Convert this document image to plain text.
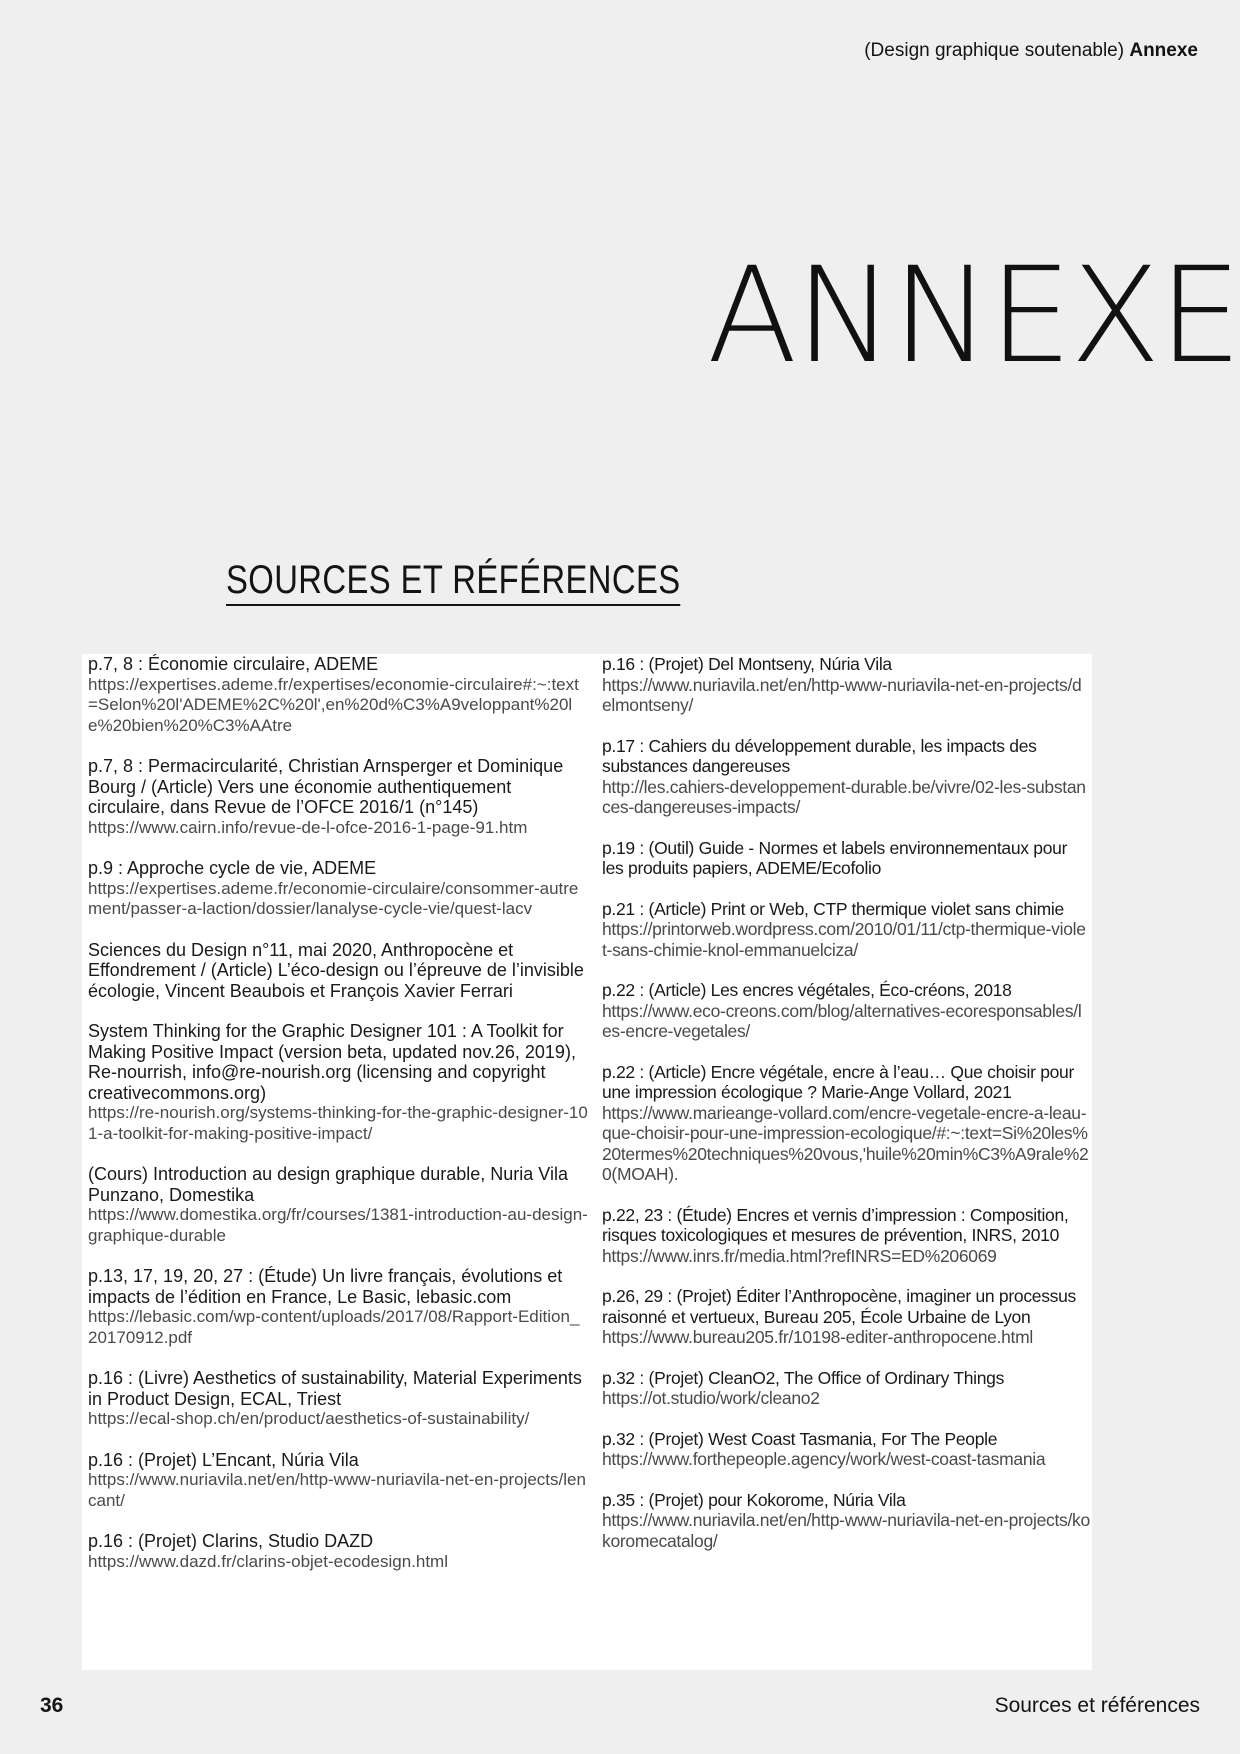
(Design graphique soutenable) Annexe
ANNEXE
SOURCES ET RÉFÉRENCES
p.7, 8 : Économie circulaire, ADEME
https://expertises.ademe.fr/expertises/economie-circulaire#:~:text=Selon%20l'ADEME%2C%20l',en%20d%C3%A9veloppant%20le%20bien%20%C3%AAtre
p.7, 8 : Permacircularité, Christian Arnsperger et Dominique Bourg / (Article) Vers une économie authentiquement circulaire, dans Revue de l’OFCE 2016/1 (n°145)
https://www.cairn.info/revue-de-l-ofce-2016-1-page-91.htm
p.9 : Approche cycle de vie, ADEME
https://expertises.ademe.fr/economie-circulaire/consommer-autrement/passer-a-laction/dossier/lanalyse-cycle-vie/quest-lacv
Sciences du Design n°11, mai 2020, Anthropocène et Effondrement / (Article) L’éco-design ou l’épreuve de l’invisible écologie, Vincent Beaubois et François Xavier Ferrari
System Thinking for the Graphic Designer 101 : A Toolkit for Making Positive Impact (version beta, updated nov.26, 2019), Re-nourrish, info@re-nourish.org (licensing and copyright creativecommons.org)
https://re-nourish.org/systems-thinking-for-the-graphic-designer-101-a-toolkit-for-making-positive-impact/
(Cours) Introduction au design graphique durable, Nuria Vila Punzano, Domestika
https://www.domestika.org/fr/courses/1381-introduction-au-design-graphique-durable
p.13, 17, 19, 20, 27 : (Étude) Un livre français, évolutions et impacts de l’édition en France, Le Basic, lebasic.com
https://lebasic.com/wp-content/uploads/2017/08/Rapport-Edition_20170912.pdf
p.16 : (Livre) Aesthetics of sustainability, Material Experiments in Product Design, ECAL, Triest
https://ecal-shop.ch/en/product/aesthetics-of-sustainability/
p.16 : (Projet) L’Encant, Núria Vila
https://www.nuriavila.net/en/http-www-nuriavila-net-en-projects/lencant/
p.16 : (Projet) Clarins, Studio DAZD
https://www.dazd.fr/clarins-objet-ecodesign.html
p.16 : (Projet) Del Montseny, Núria Vila
https://www.nuriavila.net/en/http-www-nuriavila-net-en-projects/delmontseny/
p.17 : Cahiers du développement durable, les impacts des substances dangereuses
http://les.cahiers-developpement-durable.be/vivre/02-les-substances-dangereuses-impacts/
p.19 : (Outil) Guide - Normes et labels environnementaux pour les produits papiers, ADEME/Ecofolio
p.21 : (Article) Print or Web, CTP thermique violet sans chimie
https://printorweb.wordpress.com/2010/01/11/ctp-thermique-violet-sans-chimie-knol-emmanuelciza/
p.22 : (Article) Les encres végétales, Éco-créons, 2018
https://www.eco-creons.com/blog/alternatives-ecoresponsables/les-encre-vegetales/
p.22 : (Article) Encre végétale, encre à l’eau… Que choisir pour une impression écologique ? Marie-Ange Vollard, 2021
https://www.marieange-vollard.com/encre-vegetale-encre-a-leau-que-choisir-pour-une-impression-ecologique/#:~:text=Si%20les%20termes%20techniques%20vous,'huile%20min%C3%A9rale%20(MOAH).
p.22, 23 : (Étude) Encres et vernis d’impression : Composition, risques toxicologiques et mesures de prévention, INRS, 2010
https://www.inrs.fr/media.html?refINRS=ED%206069
p.26, 29 : (Projet) Éditer l’Anthropocène, imaginer un processus raisonné et vertueux, Bureau 205, École Urbaine de Lyon
https://www.bureau205.fr/10198-editer-anthropocene.html
p.32 : (Projet) CleanO2, The Office of Ordinary Things
https://ot.studio/work/cleano2
p.32 : (Projet) West Coast Tasmania, For The People
https://www.forthepeople.agency/work/west-coast-tasmania
p.35 : (Projet) pour Kokorome, Núria Vila
https://www.nuriavila.net/en/http-www-nuriavila-net-en-projects/kokoromecatalog/
36	Sources et références
